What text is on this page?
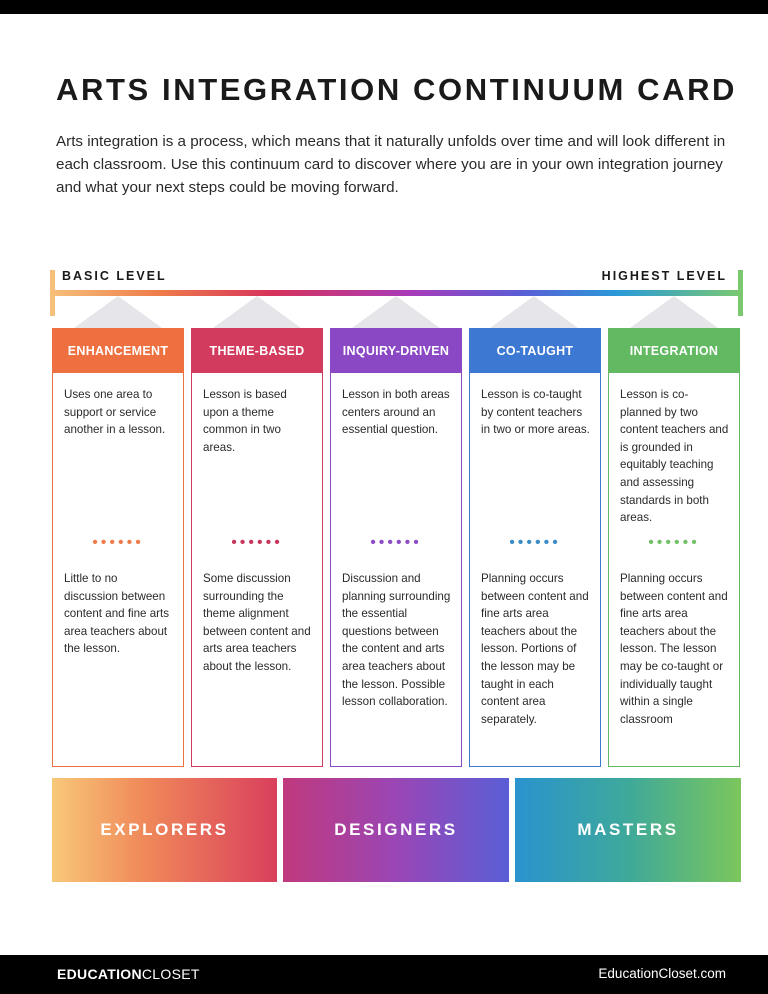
ARTS INTEGRATION CONTINUUM CARD

Arts integration is a process, which means that it naturally unfolds over time and will look different in each classroom. Use this continuum card to discover where you are in your own integration journey and what your next steps could be moving forward.

BASIC LEVEL	HIGHEST LEVEL
ENHANCEMENT
Uses one area to support or service another in a lesson.
••••••
Little to no discussion between content and fine arts area teachers about the lesson.
THEME-BASED
Lesson is based upon a theme common in two areas.
••••••
Some discussion surrounding the theme alignment between content and arts area teachers about the lesson.
INQUIRY-DRIVEN
Lesson in both areas centers around an essential question.
••••••
Discussion and planning surrounding the essential questions between the content and arts area teachers about the lesson. Possible lesson collaboration.
CO-TAUGHT
Lesson is co-taught by content teachers in two or more areas.
••••••
Planning occurs between content and fine arts area teachers about the lesson. Portions of the lesson may be taught in each content area separately.
INTEGRATION
Lesson is co-planned by two content teachers and is grounded in equitably teaching and assessing standards in both areas.
••••••
Planning occurs between content and fine arts area teachers about the lesson. The lesson may be co-taught or individually taught within a single classroom
EXPLORERS	DESIGNERS	MASTERS
EDUCATIONCLOSET	EducationCloset.com
